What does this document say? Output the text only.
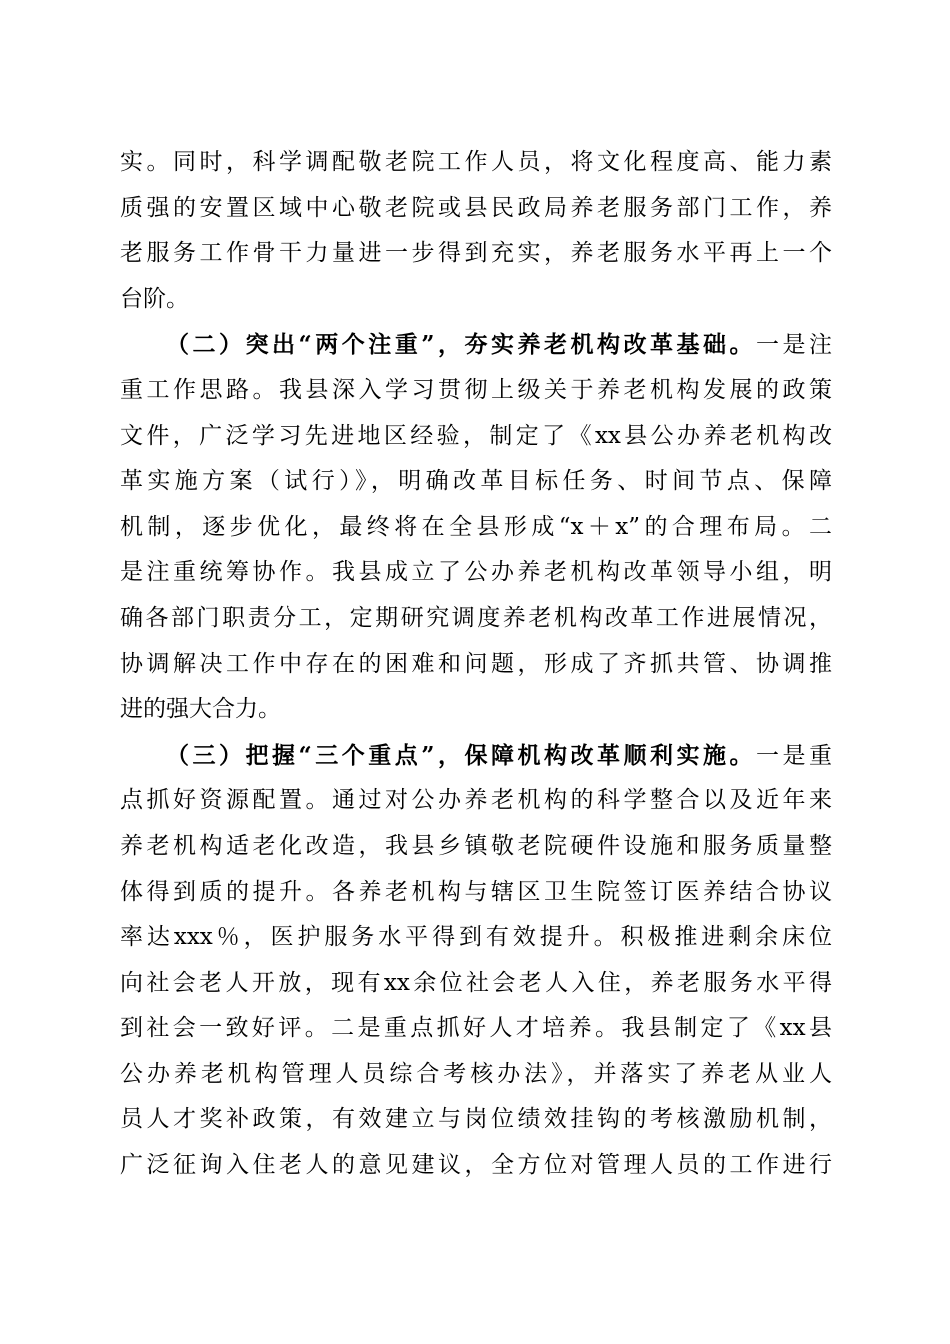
实。同时，科学调配敬老院工作人员，将文化程度高、能力素
质强的安置区域中心敬老院或县民政局养老服务部门工作，养
老服务工作骨干力量进一步得到充实，养老服务水平再上一个
台阶。
（二）突出“两个注重”，夯实养老机构改革基础。一是注
重工作思路。我县深入学习贯彻上级关于养老机构发展的政策
文件，广泛学习先进地区经验，制定了《xx县公办养老机构改
革实施方案（试行）》，明确改革目标任务、时间节点、保障
机制，逐步优化，最终将在全县形成“x＋x”的合理布局。二
是注重统筹协作。我县成立了公办养老机构改革领导小组，明
确各部门职责分工，定期研究调度养老机构改革工作进展情况，
协调解决工作中存在的困难和问题，形成了齐抓共管、协调推
进的强大合力。
（三）把握“三个重点”，保障机构改革顺利实施。一是重
点抓好资源配置。通过对公办养老机构的科学整合以及近年来
养老机构适老化改造，我县乡镇敬老院硬件设施和服务质量整
体得到质的提升。各养老机构与辖区卫生院签订医养结合协议
率达xxx％，医护服务水平得到有效提升。积极推进剩余床位
向社会老人开放，现有xx余位社会老人入住，养老服务水平得
到社会一致好评。二是重点抓好人才培养。我县制定了《xx县
公办养老机构管理人员综合考核办法》，并落实了养老从业人
员人才奖补政策，有效建立与岗位绩效挂钩的考核激励机制，
广泛征询入住老人的意见建议，全方位对管理人员的工作进行
